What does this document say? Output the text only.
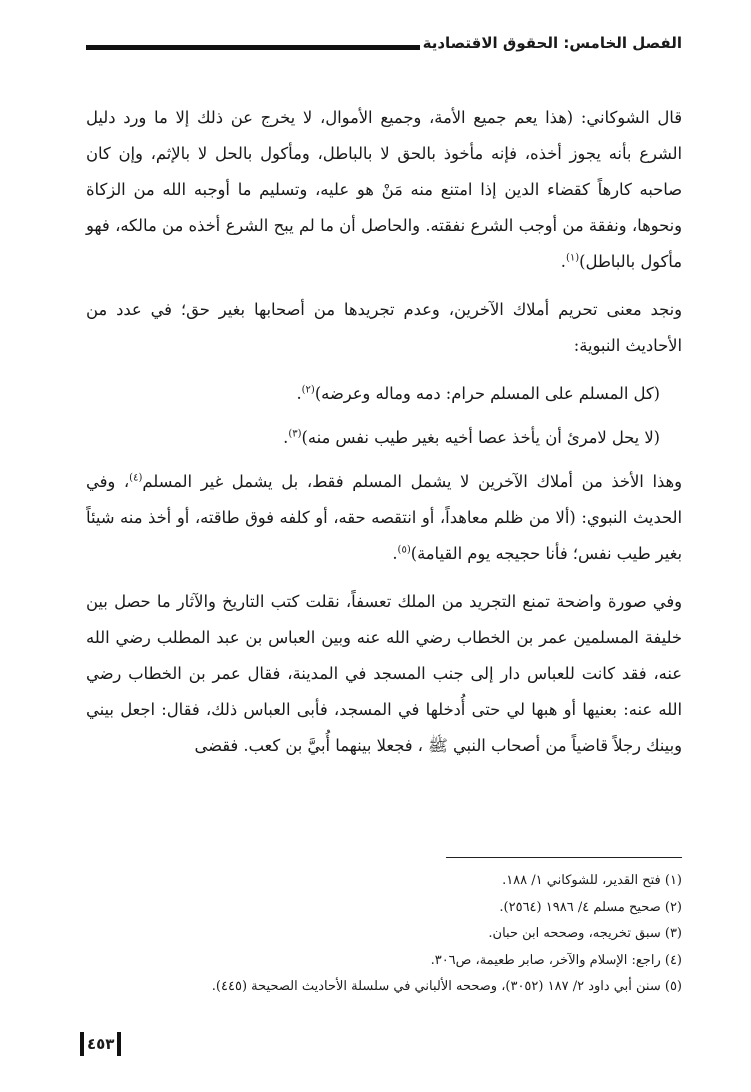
الفصل الخامس: الحقوق الاقتصادية

قال الشوكاني: (هذا يعم جميع الأمة، وجميع الأموال، لا يخرج عن ذلك إلا ما ورد دليل الشرع بأنه يجوز أخذه، فإنه مأخوذ بالحق لا بالباطل، ومأكول بالحل لا بالإثم، وإن كان صاحبه كارهاً كقضاء الدين إذا امتنع منه مَنْ هو عليه، وتسليم ما أوجبه الله من الزكاة ونحوها، ونفقة من أوجب الشرع نفقته. والحاصل أن ما لم يبح الشرع أخذه من مالكه، فهو مأكول بالباطل)$^{(١)}$.

ونجد معنى تحريم أملاك الآخرين، وعدم تجريدها من أصحابها بغير حق؛ في عدد من الأحاديث النبوية:

(كل المسلم على المسلم حرام: دمه وماله وعرضه)$^{(٢)}$.

(لا يحل لامرئ أن يأخذ عصا أخيه بغير طيب نفس منه)$^{(٣)}$.

وهذا الأخذ من أملاك الآخرين لا يشمل المسلم فقط، بل يشمل غير المسلم$^{(٤)}$، وفي الحديث النبوي: (ألا من ظلم معاهداً، أو انتقصه حقه، أو كلفه فوق طاقته، أو أخذ منه شيئاً بغير طيب نفس؛ فأنا حجيجه يوم القيامة)$^{(٥)}$.

وفي صورة واضحة تمنع التجريد من الملك تعسفاً، نقلت كتب التاريخ والآثار ما حصل بين خليفة المسلمين عمر بن الخطاب رضي الله عنه وبين العباس بن عبد المطلب رضي الله عنه، فقد كانت للعباس دار إلى جنب المسجد في المدينة، فقال عمر بن الخطاب رضي الله عنه: بعنيها أو هبها لي حتى أُدخلها في المسجد، فأبى العباس ذلك، فقال: اجعل بيني وبينك رجلاً قاضياً من أصحاب النبي ﷺ ، فجعلا بينهما أُبيَّ بن كعب. فقضى

(١) فتح القدير، للشوكاني ١/ ١٨٨.
(٢) صحيح مسلم ٤/ ١٩٨٦ (٢٥٦٤).
(٣) سبق تخريجه، وصححه ابن حبان.
(٤) راجع: الإسلام والآخر، صابر طعيمة، ص٣٠٦.
(٥) سنن أبي داود ٢/ ١٨٧ (٣٠٥٢)، وصححه الألباني في سلسلة الأحاديث الصحيحة (٤٤٥).
٤٥٣
